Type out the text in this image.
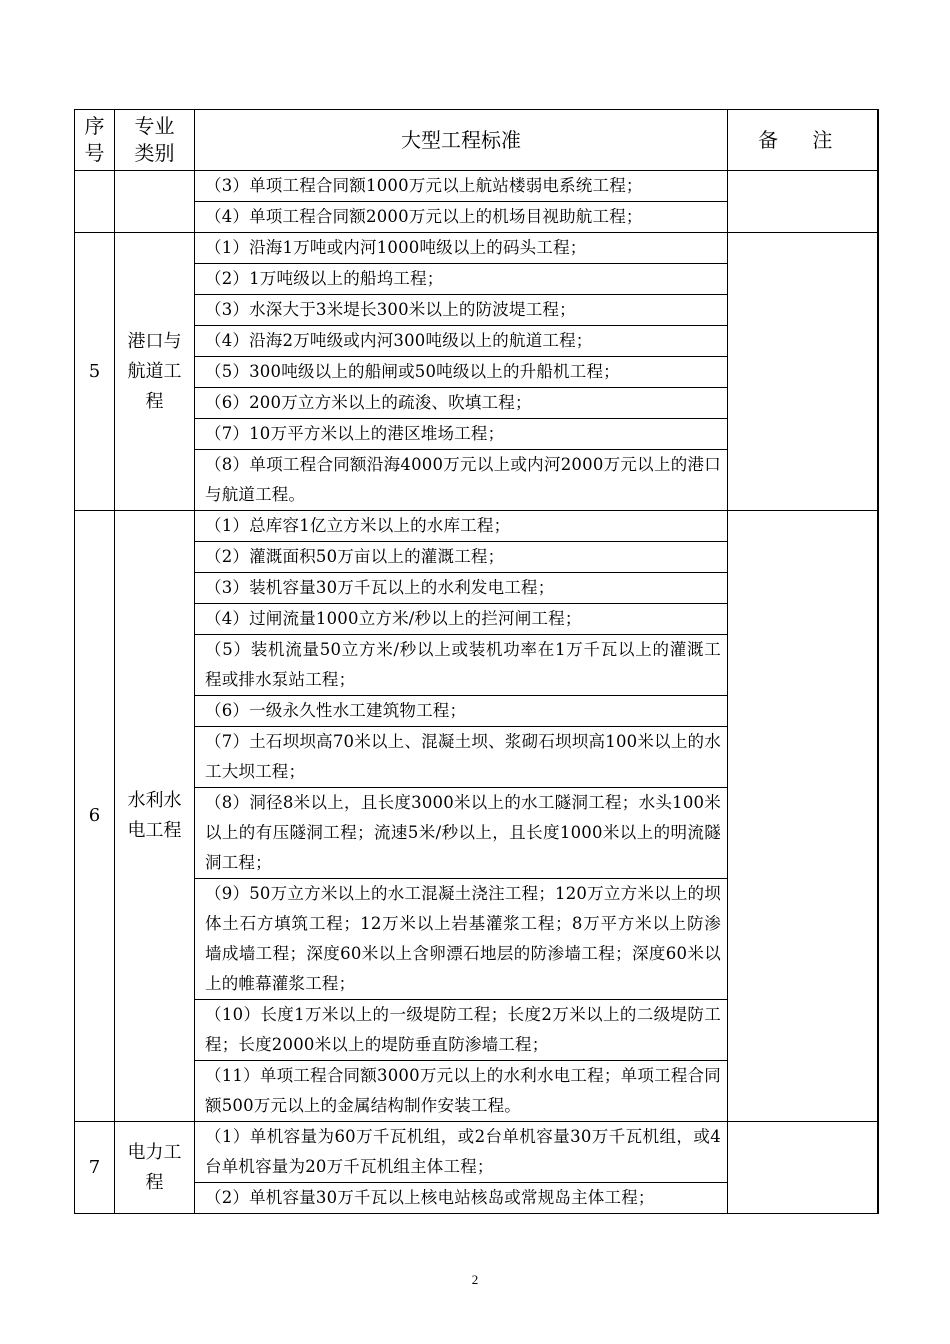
序
号	专业
类别	大型工程标准	备 注
		（3）单项工程合同额1000万元以上航站楼弱电系统工程；	
		（4）单项工程合同额2000万元以上的机场目视助航工程；	
5	港口与航道工程	（1）沿海1万吨或内河1000吨级以上的码头工程；	
		（2）1万吨级以上的船坞工程；	
		（3）水深大于3米堤长300米以上的防波堤工程；	
		（4）沿海2万吨级或内河300吨级以上的航道工程；	
		（5）300吨级以上的船闸或50吨级以上的升船机工程；	
		（6）200万立方米以上的疏浚、吹填工程；	
		（7）10万平方米以上的港区堆场工程；	
		（8）单项工程合同额沿海4000万元以上或内河2000万元以上的港口与航道工程。	
6	水利水电工程	（1）总库容1亿立方米以上的水库工程；	
		（2）灌溉面积50万亩以上的灌溉工程；	
		（3）装机容量30万千瓦以上的水利发电工程；	
		（4）过闸流量1000立方米/秒以上的拦河闸工程；	
		（5）装机流量50立方米/秒以上或装机功率在1万千瓦以上的灌溉工程或排水泵站工程；	
		（6）一级永久性水工建筑物工程；	
		（7）土石坝坝高70米以上、混凝土坝、浆砌石坝坝高100米以上的水工大坝工程；	
		（8）洞径8米以上，且长度3000米以上的水工隧洞工程；水头100米以上的有压隧洞工程；流速5米/秒以上，且长度1000米以上的明流隧洞工程；	
		（9）50万立方米以上的水工混凝土浇注工程；120万立方米以上的坝体土石方填筑工程；12万米以上岩基灌浆工程；8万平方米以上防渗墙成墙工程；深度60米以上含卵漂石地层的防渗墙工程；深度60米以上的帷幕灌浆工程；	
		（10）长度1万米以上的一级堤防工程；长度2万米以上的二级堤防工程；长度2000米以上的堤防垂直防渗墙工程；	
		（11）单项工程合同额3000万元以上的水利水电工程；单项工程合同额500万元以上的金属结构制作安装工程。	
7	电力工程	（1）单机容量为60万千瓦机组，或2台单机容量30万千瓦机组，或4台单机容量为20万千瓦机组主体工程；	
		（2）单机容量30万千瓦以上核电站核岛或常规岛主体工程；	
2
